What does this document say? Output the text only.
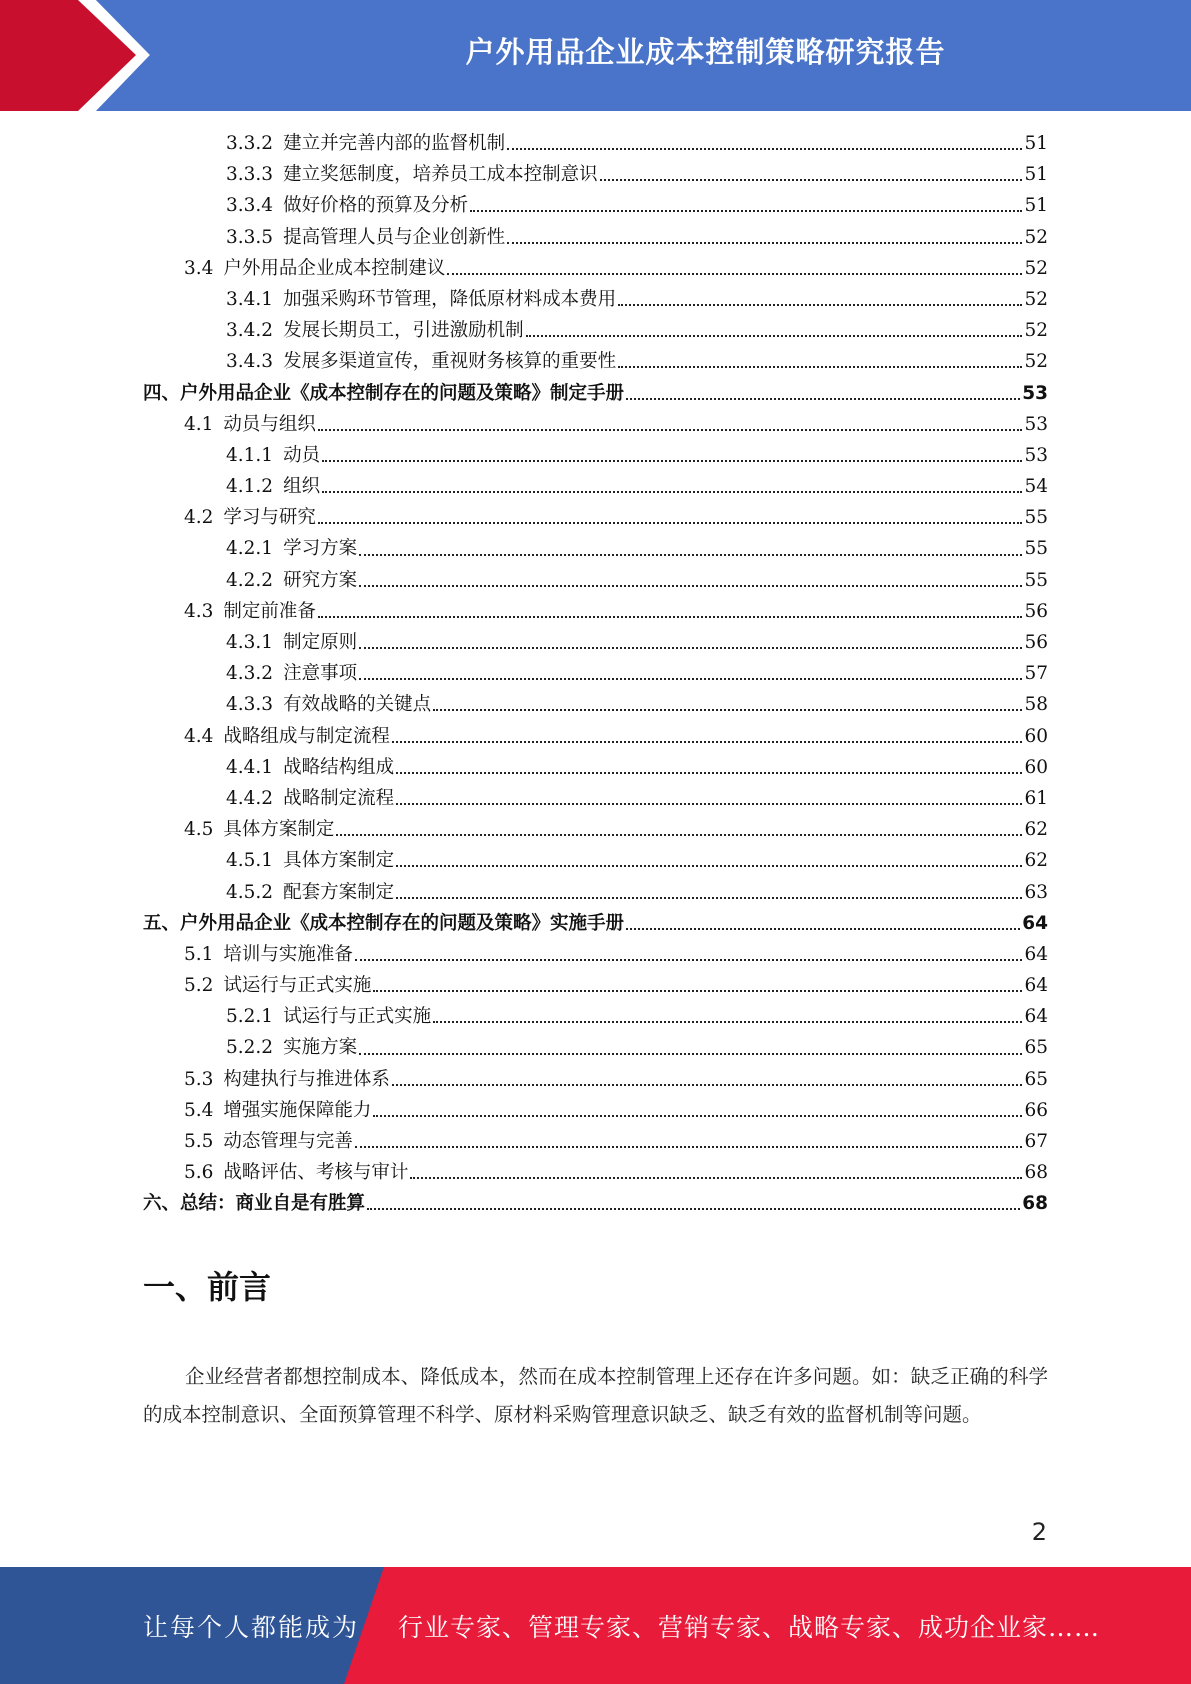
户外用品企业成本控制策略研究报告
3.3.2 建立并完善内部的监督机制	51
3.3.3 建立奖惩制度，培养员工成本控制意识	51
3.3.4 做好价格的预算及分析	51
3.3.5 提高管理人员与企业创新性	52
3.4 户外用品企业成本控制建议	52
3.4.1 加强采购环节管理，降低原材料成本费用	52
3.4.2 发展长期员工，引进激励机制	52
3.4.3 发展多渠道宣传，重视财务核算的重要性	52
四、户外用品企业《成本控制存在的问题及策略》制定手册	53
4.1 动员与组织	53
4.1.1 动员	53
4.1.2 组织	54
4.2 学习与研究	55
4.2.1 学习方案	55
4.2.2 研究方案	55
4.3 制定前准备	56
4.3.1 制定原则	56
4.3.2 注意事项	57
4.3.3 有效战略的关键点	58
4.4 战略组成与制定流程	60
4.4.1 战略结构组成	60
4.4.2 战略制定流程	61
4.5 具体方案制定	62
4.5.1 具体方案制定	62
4.5.2 配套方案制定	63
五、户外用品企业《成本控制存在的问题及策略》实施手册	64
5.1 培训与实施准备	64
5.2 试运行与正式实施	64
5.2.1 试运行与正式实施	64
5.2.2 实施方案	65
5.3 构建执行与推进体系	65
5.4 增强实施保障能力	66
5.5 动态管理与完善	67
5.6 战略评估、考核与审计	68
六、总结：商业自是有胜算	68
一、前言

企业经营者都想控制成本、降低成本，然而在成本控制管理上还存在许多问题。如：缺乏正确的科学的成本控制意识、全面预算管理不科学、原材料采购管理意识缺乏、缺乏有效的监督机制等问题。

2
让每个人都能成为 行业专家、管理专家、营销专家、战略专家、成功企业家……
